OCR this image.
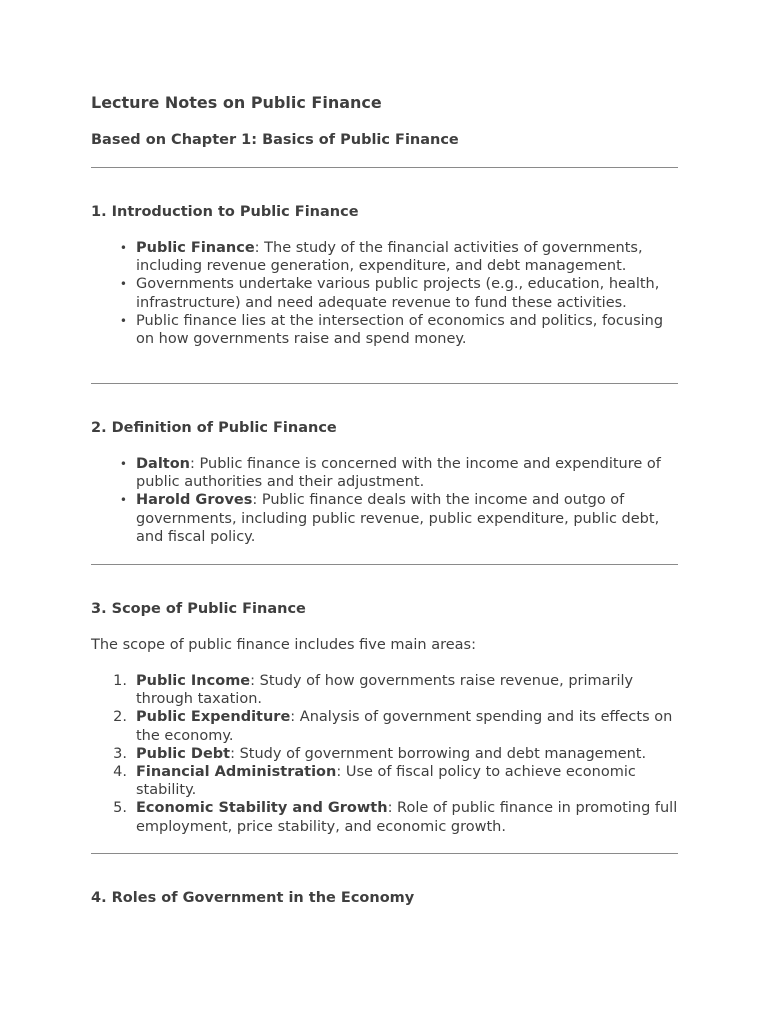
Lecture Notes on Public Finance
Based on Chapter 1: Basics of Public Finance
1. Introduction to Public Finance
• Public Finance: The study of the financial activities of governments, including revenue generation, expenditure, and debt management.
• Governments undertake various public projects (e.g., education, health, infrastructure) and need adequate revenue to fund these activities.
• Public finance lies at the intersection of economics and politics, focusing on how governments raise and spend money.
2. Definition of Public Finance
• Dalton: Public finance is concerned with the income and expenditure of public authorities and their adjustment.
• Harold Groves: Public finance deals with the income and outgo of governments, including public revenue, public expenditure, public debt, and fiscal policy.
3. Scope of Public Finance

The scope of public finance includes five main areas:

1. Public Income: Study of how governments raise revenue, primarily through taxation.
2. Public Expenditure: Analysis of government spending and its effects on the economy.
3. Public Debt: Study of government borrowing and debt management.
4. Financial Administration: Use of fiscal policy to achieve economic stability.
5. Economic Stability and Growth: Role of public finance in promoting full employment, price stability, and economic growth.
4. Roles of Government in the Economy
